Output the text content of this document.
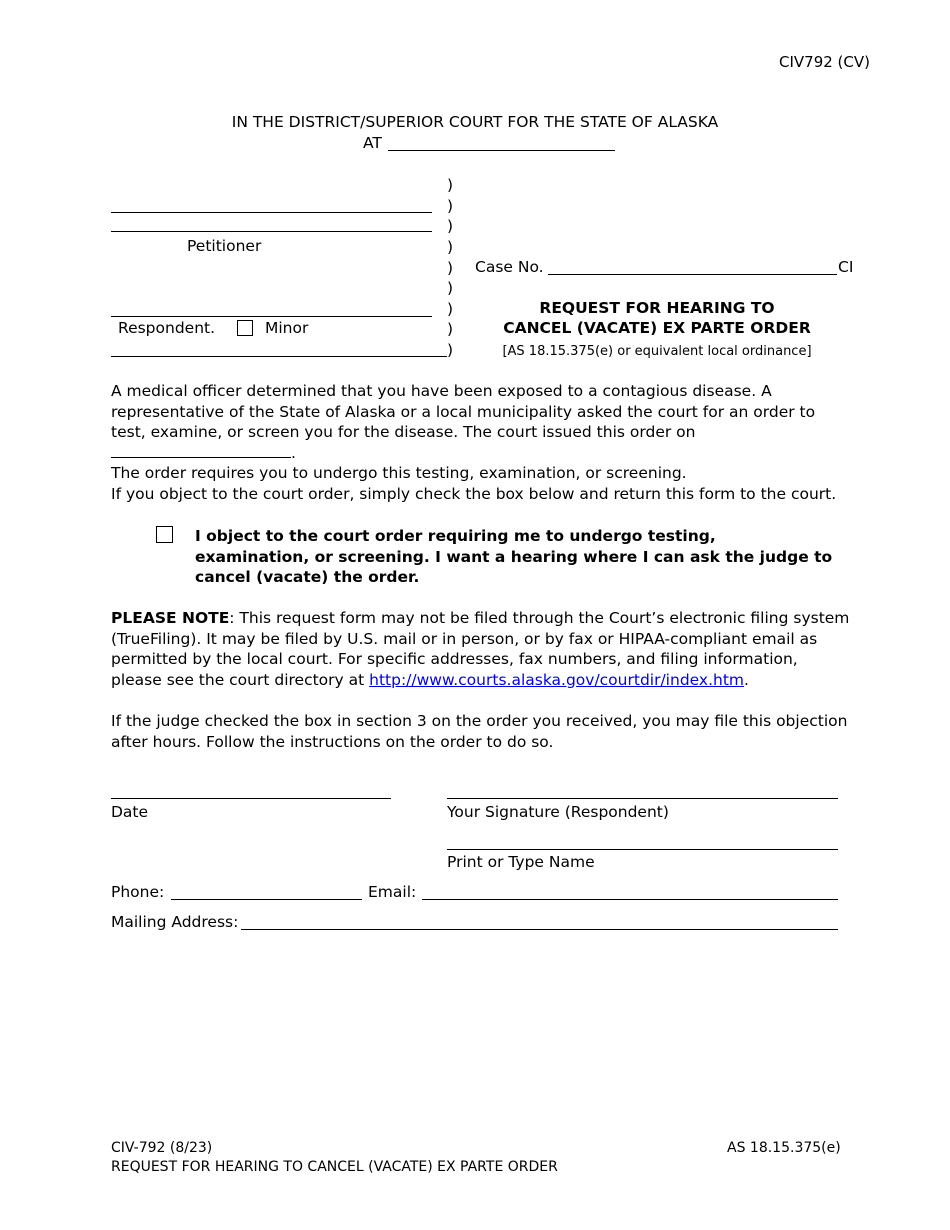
CIV792 (CV)
IN THE DISTRICT/SUPERIOR COURT FOR THE STATE OF ALASKA
AT
Petitioner
Respondent.	Minor
)
)
)
)
)
)
)
)
)
Case No.	CI
REQUEST FOR HEARING TO
CANCEL (VACATE) EX PARTE ORDER
[AS 18.15.375(e) or equivalent local ordinance]

A medical officer determined that you have been exposed to a contagious disease. A representative of the State of Alaska or a local municipality asked the court for an order to test, examine, or screen you for the disease. The court issued this order on .
The order requires you to undergo this testing, examination, or screening.

If you object to the court order, simply check the box below and return this form to the court.
I object to the court order requiring me to undergo testing, examination, or screening. I want a hearing where I can ask the judge to cancel (vacate) the order.

PLEASE NOTE: This request form may not be filed through the Court’s electronic filing system (TrueFiling). It may be filed by U.S. mail or in person, or by fax or HIPAA-compliant email as permitted by the local court. For specific addresses, fax numbers, and filing information, please see the court directory at http://www.courts.alaska.gov/courtdir/index.htm.

If the judge checked the box in section 3 on the order you received, you may file this objection after hours. Follow the instructions on the order to do so.
Date	Your Signature (Respondent)
Print or Type Name
Phone:	Email:
Mailing Address:
CIV-792 (8/23)
REQUEST FOR HEARING TO CANCEL (VACATE) EX PARTE ORDER
AS 18.15.375(e)
